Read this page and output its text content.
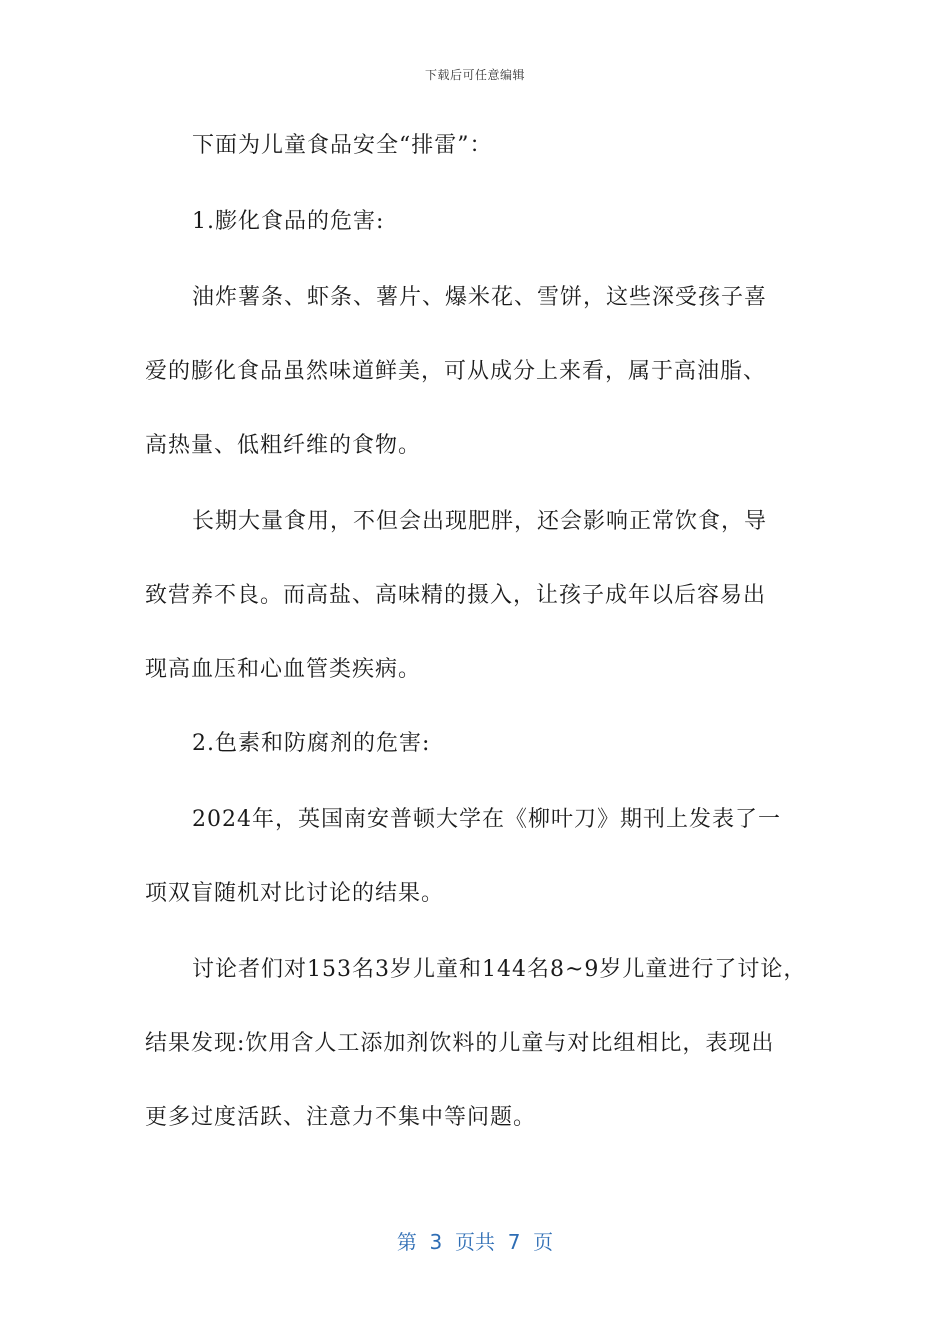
下载后可任意编辑
下面为儿童食品安全“排雷”：
1.膨化食品的危害:
油炸薯条、虾条、薯片、爆米花、雪饼，这些深受孩子喜
爱的膨化食品虽然味道鲜美，可从成分上来看，属于高油脂、
高热量、低粗纤维的食物。
长期大量食用，不但会出现肥胖，还会影响正常饮食，导
致营养不良。而高盐、高味精的摄入，让孩子成年以后容易出
现高血压和心血管类疾病。
2.色素和防腐剂的危害:
2024年，英国南安普顿大学在《柳叶刀》期刊上发表了一
项双盲随机对比讨论的结果。
讨论者们对153名3岁儿童和144名8~9岁儿童进行了讨论，
结果发现:饮用含人工添加剂饮料的儿童与对比组相比，表现出
更多过度活跃、注意力不集中等问题。
第  3  页共  7  页
